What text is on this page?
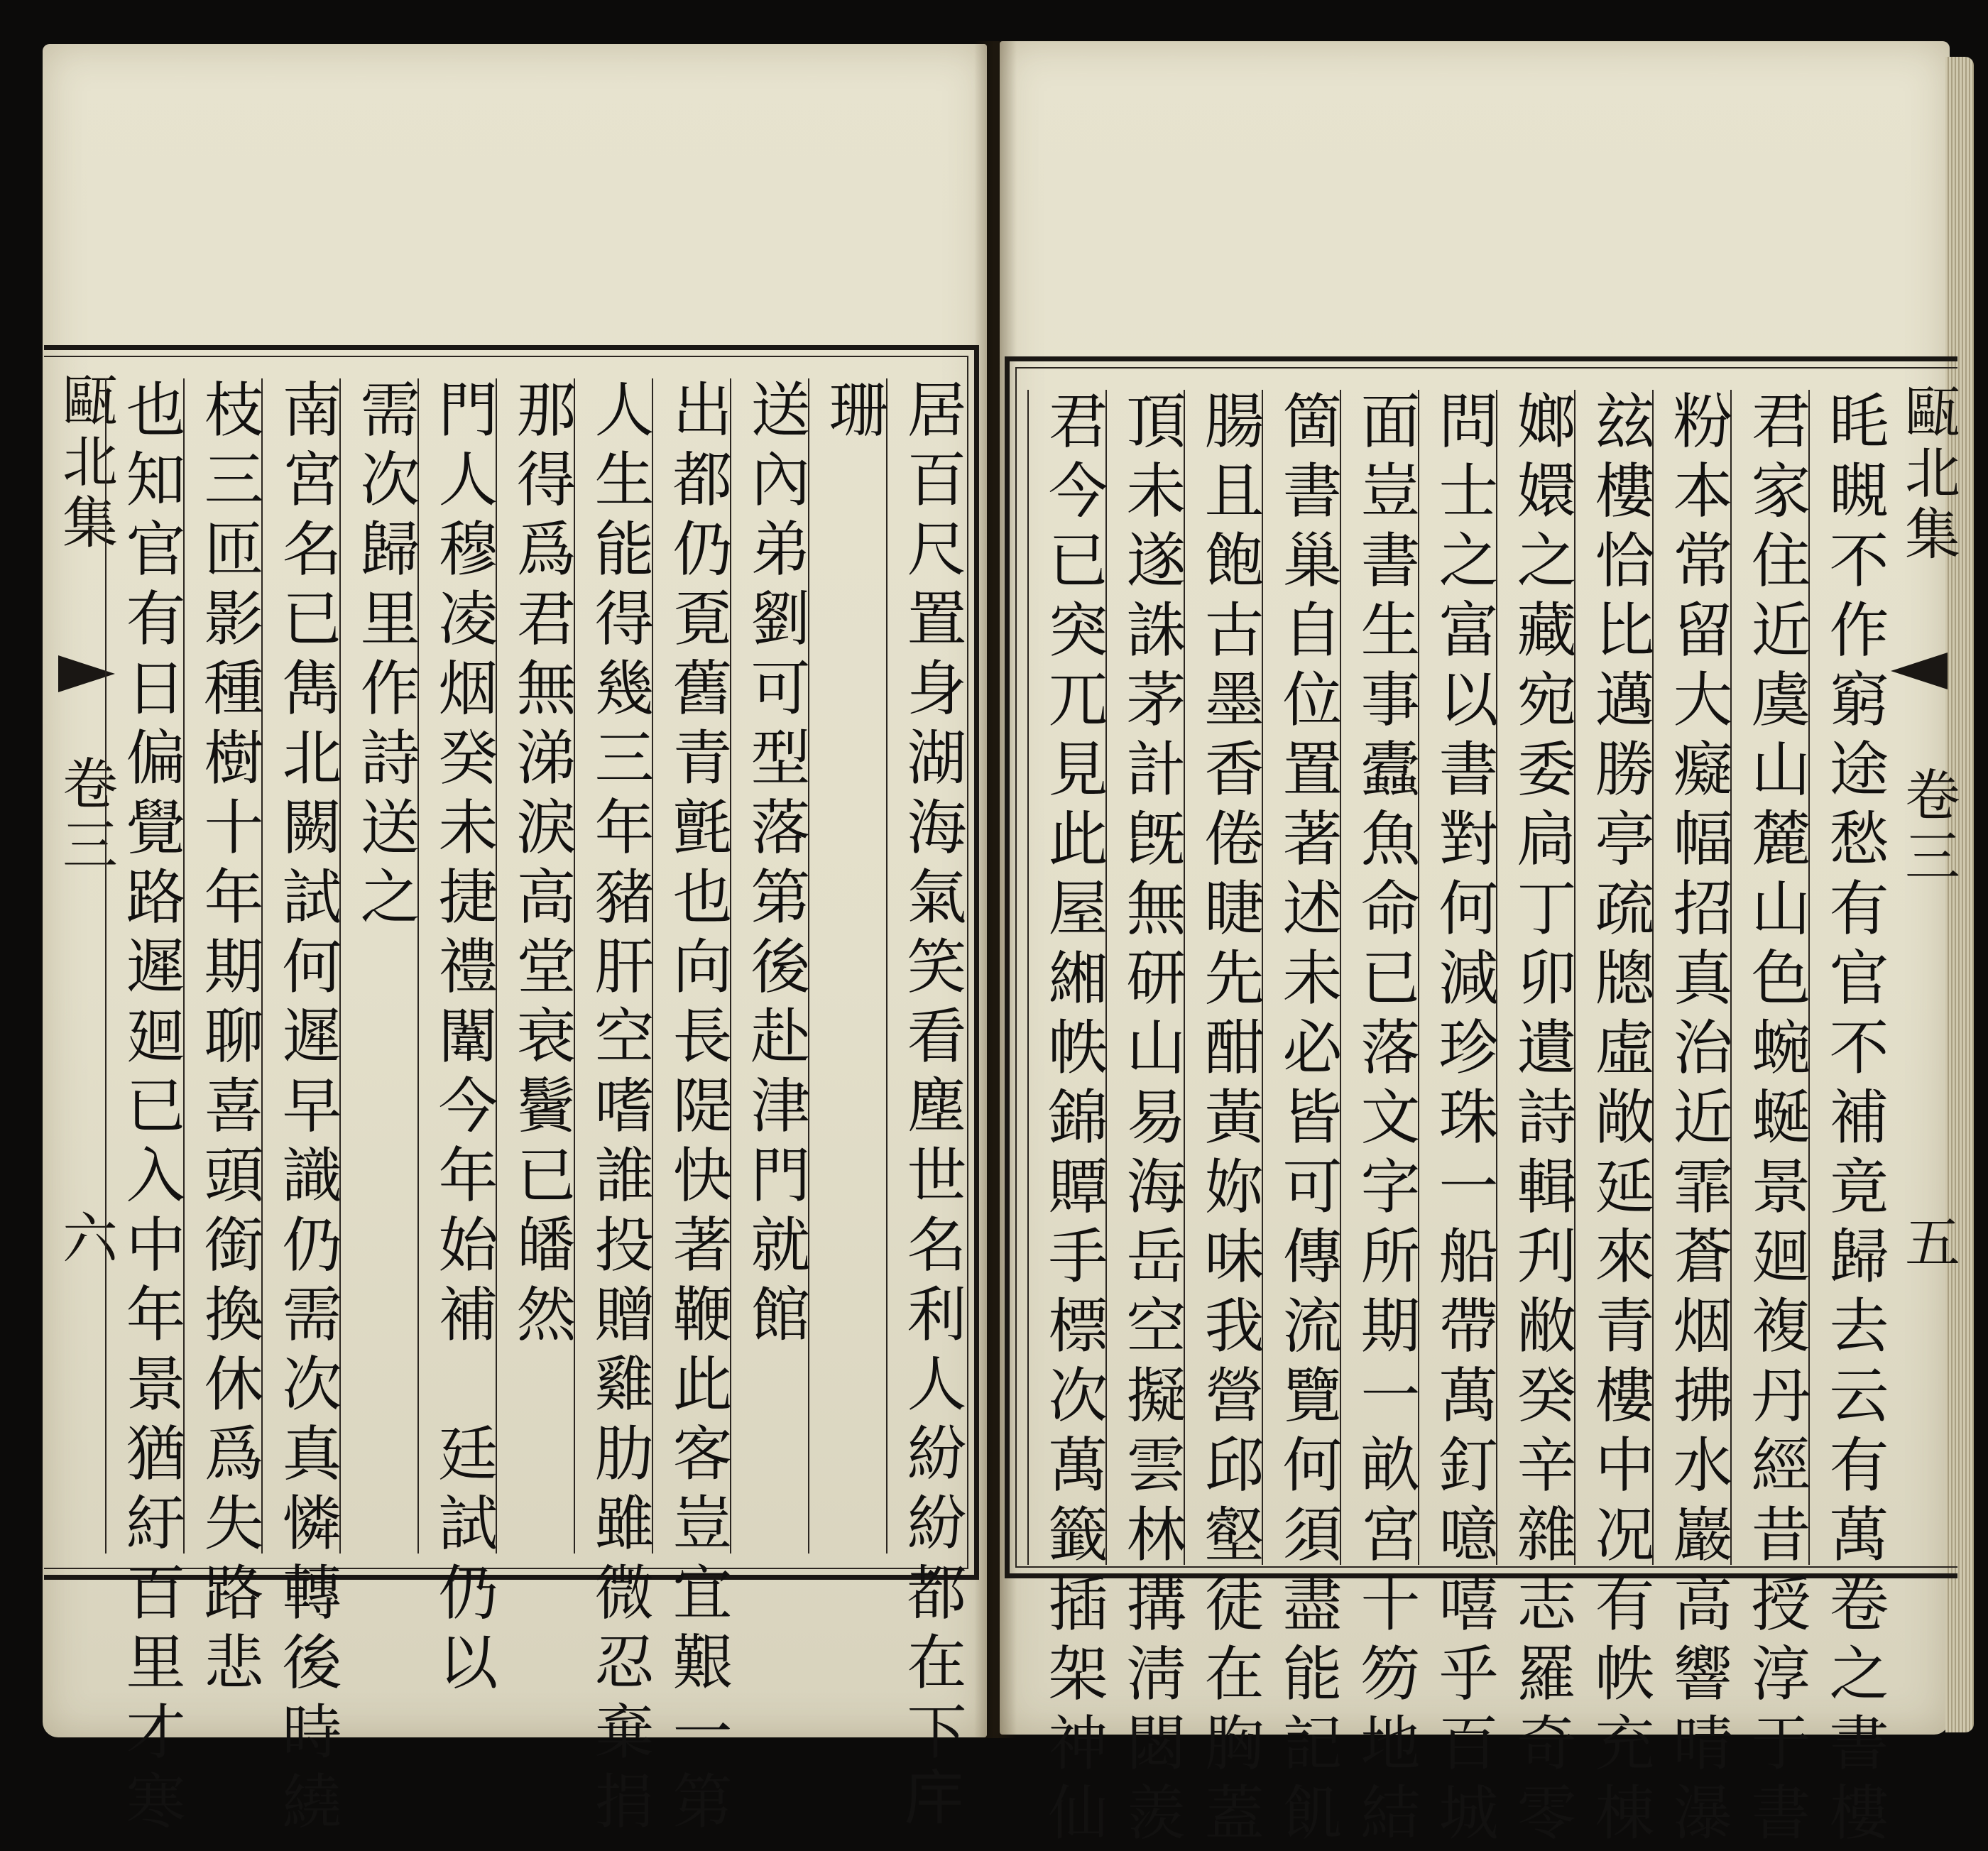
甌北集
卷三
六	居百尺置身湖海氣笑看塵世名利人紛紛都在下𢇛
珊
送內弟劉可型落第後赴津門就館
出都仍覔舊青氈也向長隄快著鞭此客豈宜艱一第
人生能得幾三年豬肝空嗜誰投贈雞肋雖微忍棄捐
那得爲君無涕淚高堂衰鬢已皤然
門人穆凌烟癸未捷禮闈今年始補　廷試仍以
需次歸里作詩送之
南宮名已雋北闕試何遲早識仍需次真憐轉後時繞
枝三匝影種樹十年期聊喜頭銜換休爲失路悲
也知官有日偏覺路遲廻已入中年景猶紆百里才寒	甌北集
卷三
五
眊瞡不作窮途愁有官不補竟歸去云有萬卷之書樓
君家住近虞山麓山色蜿蜒景廻複丹經昔授淳于書
粉本常留大癡幅招真治近霏蒼烟拂水巖高響晴瀑
玆樓恰比邁勝亭疏牕虛敞延來青樓中况有帙充棟
嫏嬛之藏宛委扃丁卯遺詩輯刋敝癸辛雜志羅奇零
問士之富以書對何減珍珠一船帶萬釘噫嘻乎百城
面豈書生事蠹魚命已落文字所期一畝宮十笏地結
箇書巢自位置著述未必皆可傳流覽何須盡能記飢
腸且飽古墨香倦睫先酣黃妳味我營邱壑徒在胸蓋
頂未遂誅茅計旣無研山易海岳空擬雲林搆淸閟羨
君今已突兀見此屋緗帙錦贉手標次萬籤插架神仙
